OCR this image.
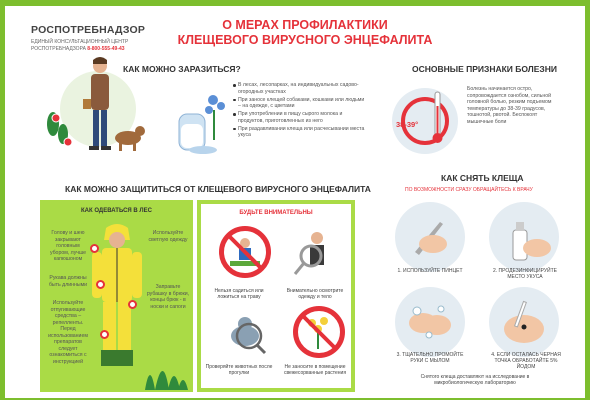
РОСПОТРЕБНАДЗОР
ЕДИНЫЙ КОНСУЛЬТАЦИОННЫЙ ЦЕНТР
РОСПОТРЕБНАДЗОРА 8-800-555-49-43
О МЕРАХ ПРОФИЛАКТИКИ
КЛЕЩЕВОГО ВИРУСНОГО ЭНЦЕФАЛИТА
КАК МОЖНО ЗАРАЗИТЬСЯ?
В лесах, лесопарках, на индивидуальных садово-огородных участках
При заносе клещей собаками, кошками или людьми – на одежде, с цветами
При употреблении в пищу сырого молока и продуктов, приготовленных из него
При раздавливании клеща или расчесывании места укуса
ОСНОВНЫЕ ПРИЗНАКИ БОЛЕЗНИ
38-39°
Болезнь начинается остро, сопровождается ознобом, сильной головной болью, резким подъемом температуры до 38-39 градусов, тошнотой, рвотой. Беспокоят мышечные боли
КАК СНЯТЬ КЛЕЩА
ПО ВОЗМОЖНОСТИ СРАЗУ ОБРАЩАЙТЕСЬ К ВРАЧУ
1. ИСПОЛЬЗУЙТЕ ПИНЦЕТ	2. ПРОДЕЗИНФИЦИРУЙТЕ МЕСТО УКУСА
3. ТЩАТЕЛЬНО ПРОМОЙТЕ РУКИ С МЫЛОМ
4. ЕСЛИ ОСТАЛАСЬ ЧЕРНАЯ ТОЧКА ОБРАБОТАЙТЕ 5% ЙОДОМ
Снятого клеща доставляют на исследование в микробиологическую лабораторию
КАК МОЖНО ЗАЩИТИТЬСЯ ОТ КЛЕЩЕВОГО ВИРУСНОГО ЭНЦЕФАЛИТА
КАК ОДЕВАТЬСЯ В ЛЕС
Голову и шею закрывают головным убором, лучше капюшоном
Рукава должны быть длинными
Используйте отпугивающие средства – репелленты. Перед использованием препаратов следует ознакомиться с инструкцией
Используйте светлую одежду
Заправьте рубашку в брюки, концы брюк - в носки и сапоги
БУДЬТЕ ВНИМАТЕЛЬНЫ
Нельзя садиться или ложиться на траву
Внимательно осмотрите одежду и тело
Проверяйте животных после прогулки
Не заносите в помещение свежесорванные растения
